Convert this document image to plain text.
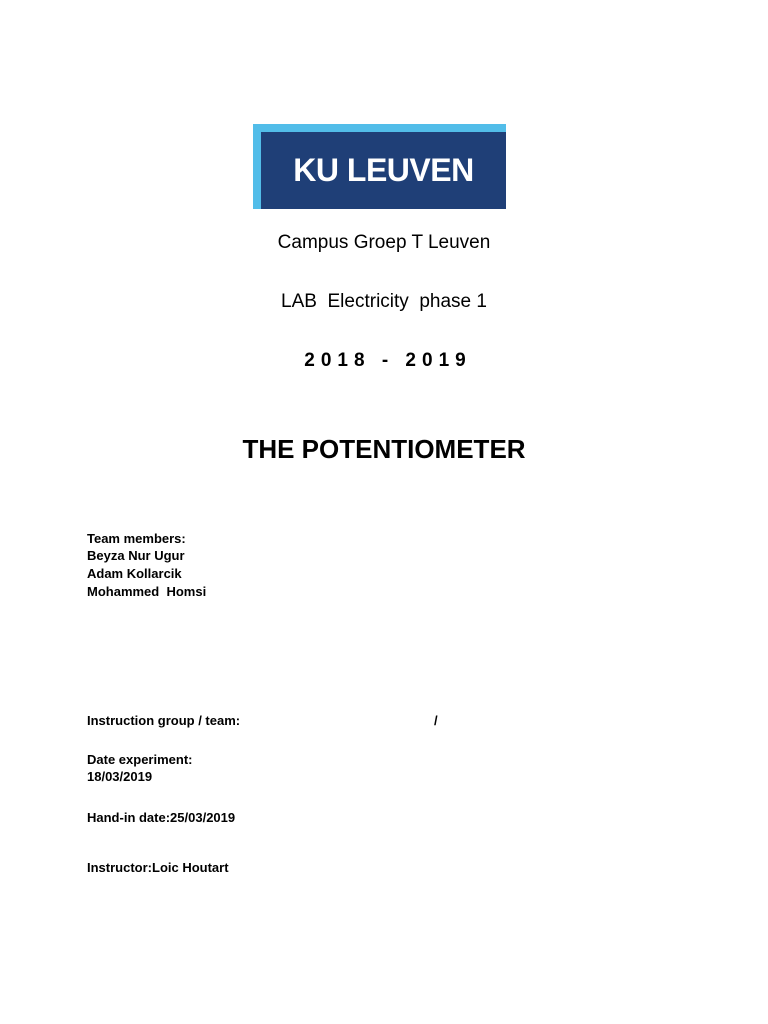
KU LEUVEN
Campus Groep T Leuven
LAB  Electricity  phase 1
2018 - 2019
THE POTENTIOMETER
Team members:
Beyza Nur Ugur
Adam Kollarcik
Mohammed  Homsi
Instruction group / team:	/
Date experiment:
18/03/2019
Hand-in date:25/03/2019
Instructor:Loic Houtart
